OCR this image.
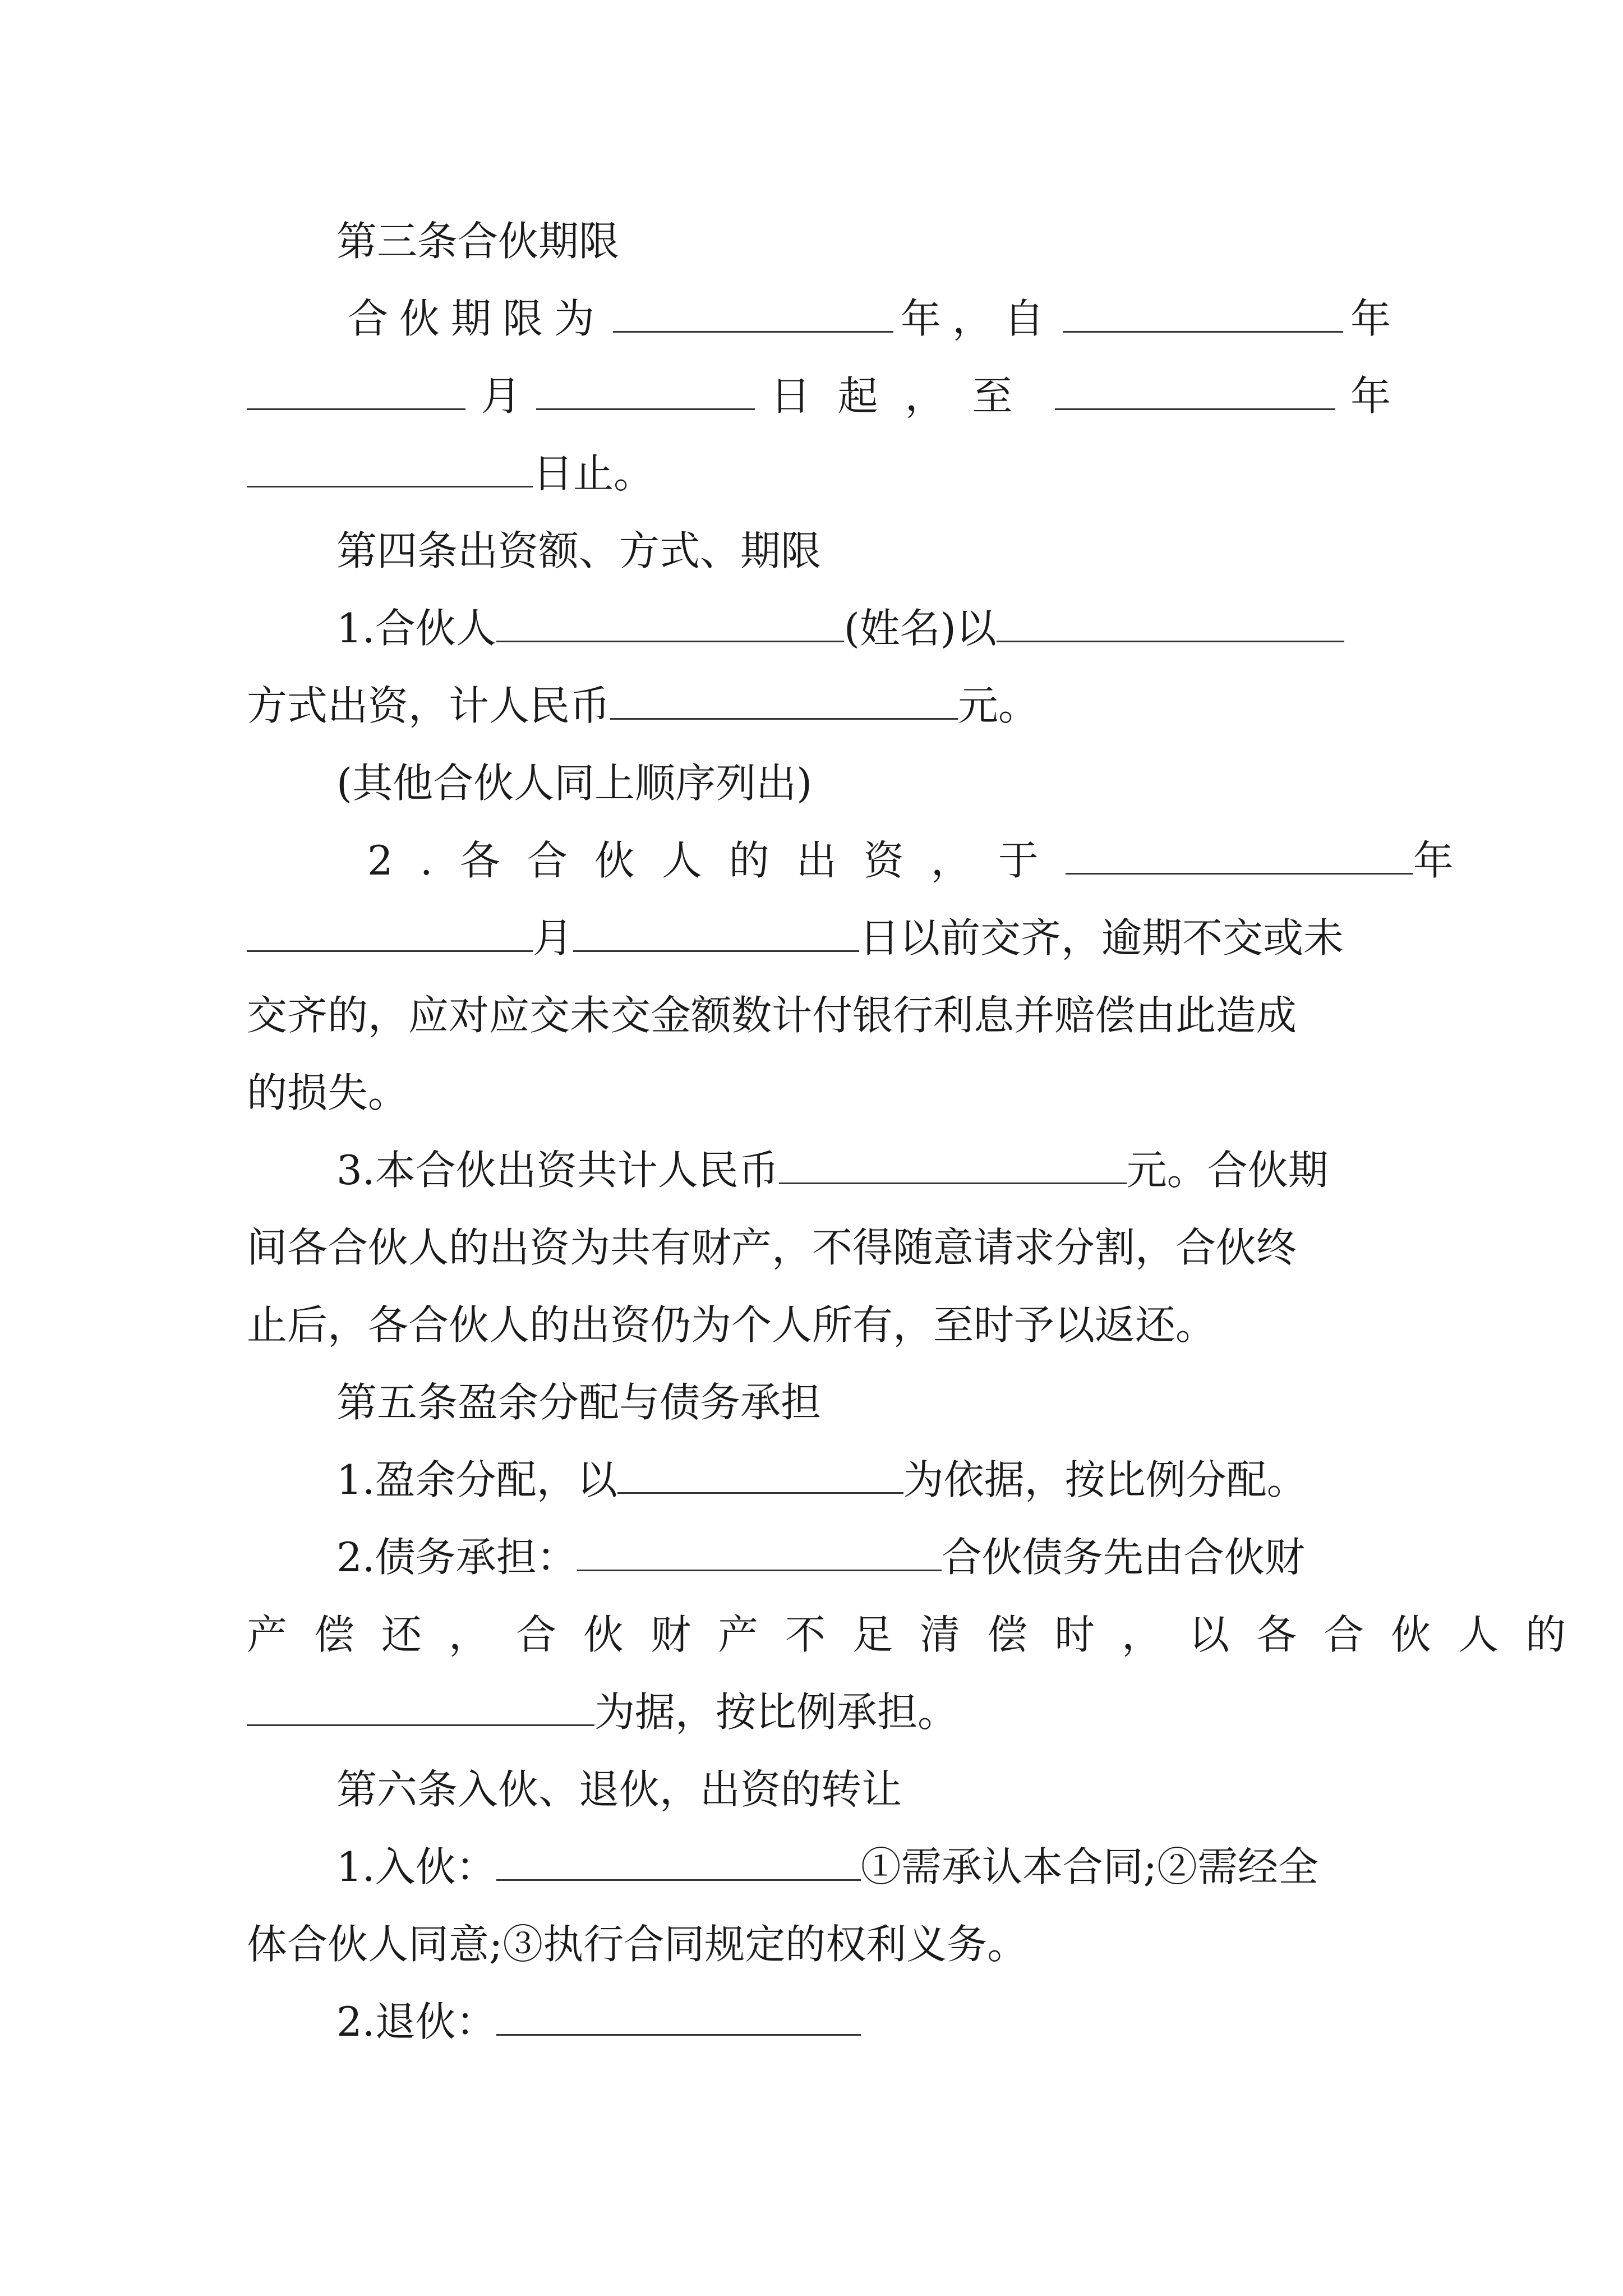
第三条合伙期限
合伙期限为	年，自	年
月	日起，至	年
日止。
第四条出资额、方式、期限
1.合伙人	(姓名)以
方式出资，计人民币	元。
(其他合伙人同上顺序列出)
2.各合伙人的出资，于	年
月	日以前交齐，逾期不交或未
交齐的，应对应交未交金额数计付银行利息并赔偿由此造成
的损失。
3.本合伙出资共计人民币	元。合伙期
间各合伙人的出资为共有财产，不得随意请求分割，合伙终
止后，各合伙人的出资仍为个人所有，至时予以返还。
第五条盈余分配与债务承担
1.盈余分配，以	为依据，按比例分配。
2.债务承担：	合伙债务先由合伙财
产偿还，合伙财产不足清偿时，以各合伙人的
为据，按比例承担。
第六条入伙、退伙，出资的转让
1.入伙：	①需承认本合同;②需经全
体合伙人同意;③执行合同规定的权利义务。
2.退伙：
